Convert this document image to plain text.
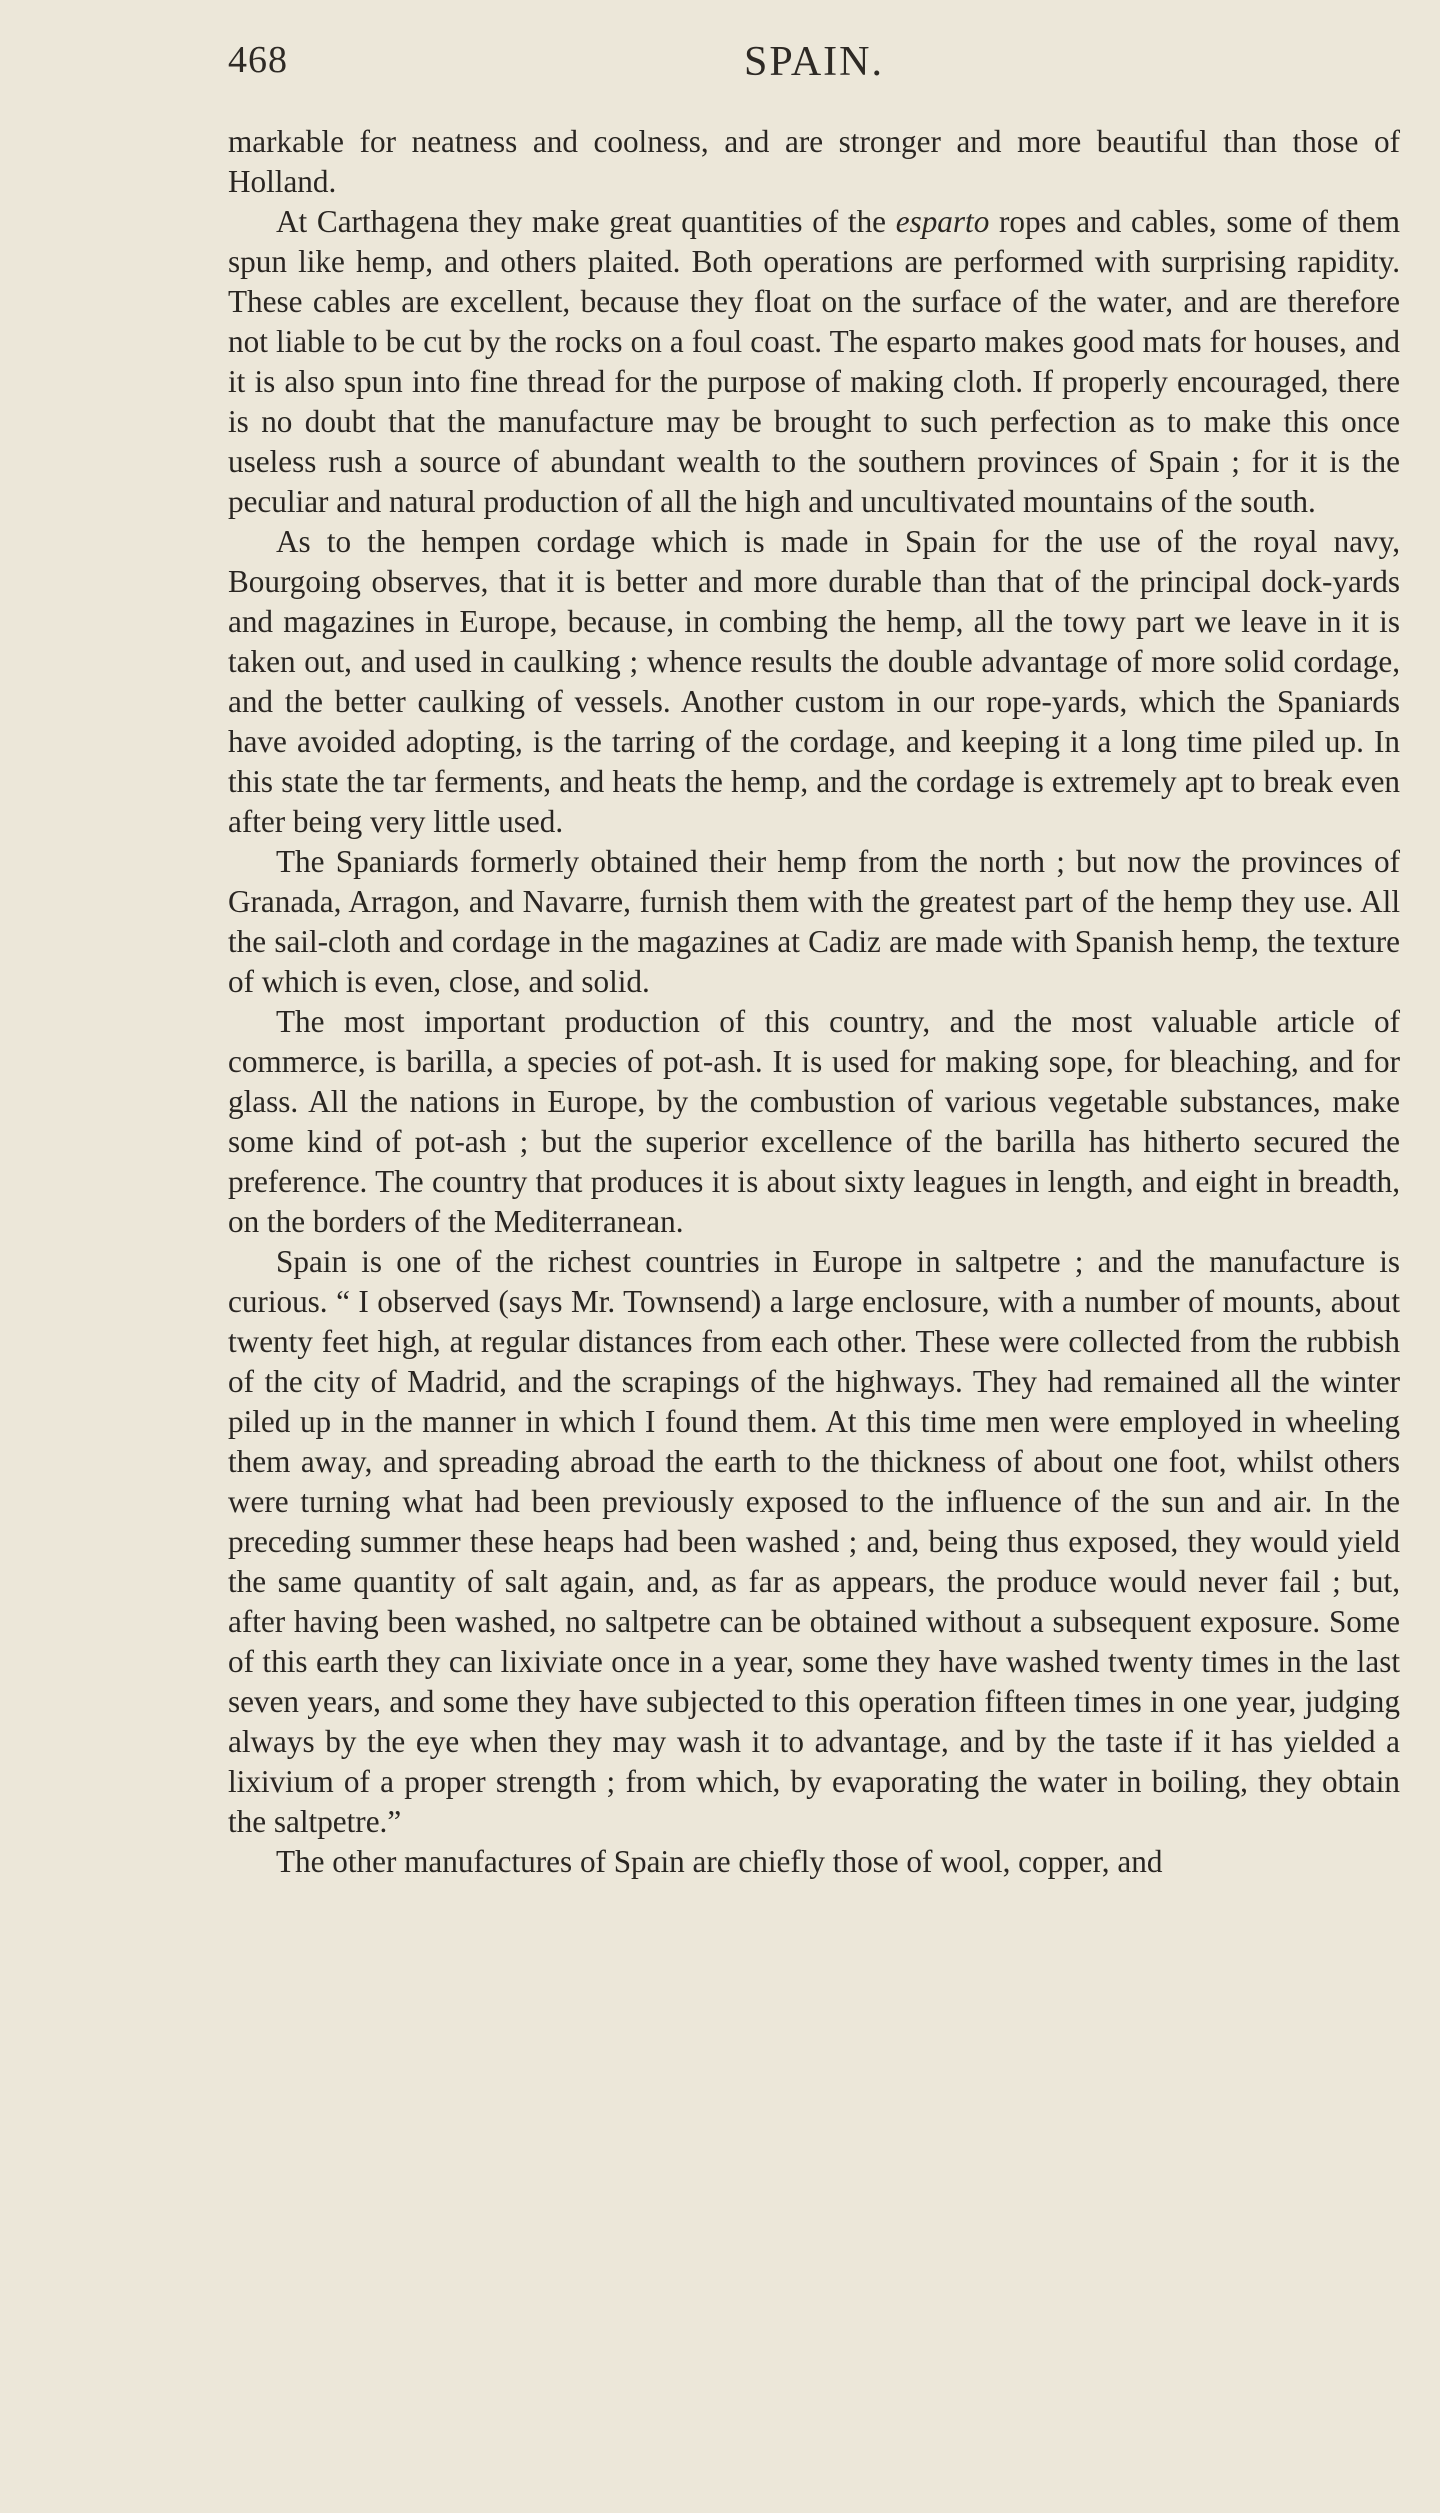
468	SPAIN.

markable for neatness and coolness, and are stronger and more beautiful than those of Holland.

At Carthagena they make great quantities of the esparto ropes and cables, some of them spun like hemp, and others plaited. Both operations are performed with surprising rapidity. These cables are excellent, because they float on the surface of the water, and are therefore not liable to be cut by the rocks on a foul coast. The esparto makes good mats for houses, and it is also spun into fine thread for the purpose of making cloth. If properly encouraged, there is no doubt that the manufacture may be brought to such perfection as to make this once useless rush a source of abundant wealth to the southern provinces of Spain ; for it is the peculiar and natural production of all the high and uncultivated mountains of the south.

As to the hempen cordage which is made in Spain for the use of the royal navy, Bourgoing observes, that it is better and more durable than that of the principal dock-yards and magazines in Europe, because, in combing the hemp, all the towy part we leave in it is taken out, and used in caulking ; whence results the double advantage of more solid cordage, and the better caulking of vessels. Another custom in our rope-yards, which the Spaniards have avoided adopting, is the tarring of the cordage, and keeping it a long time piled up. In this state the tar ferments, and heats the hemp, and the cordage is extremely apt to break even after being very little used.

The Spaniards formerly obtained their hemp from the north ; but now the provinces of Granada, Arragon, and Navarre, furnish them with the greatest part of the hemp they use. All the sail-cloth and cordage in the magazines at Cadiz are made with Spanish hemp, the texture of which is even, close, and solid.

The most important production of this country, and the most valuable article of commerce, is barilla, a species of pot-ash. It is used for making sope, for bleaching, and for glass. All the nations in Europe, by the combustion of various vegetable substances, make some kind of pot-ash ; but the superior excellence of the barilla has hitherto secured the preference. The country that produces it is about sixty leagues in length, and eight in breadth, on the borders of the Mediterranean.

Spain is one of the richest countries in Europe in saltpetre ; and the manufacture is curious. “ I observed (says Mr. Townsend) a large enclosure, with a number of mounts, about twenty feet high, at regular distances from each other. These were collected from the rubbish of the city of Madrid, and the scrapings of the highways. They had remained all the winter piled up in the manner in which I found them. At this time men were employed in wheeling them away, and spreading abroad the earth to the thickness of about one foot, whilst others were turning what had been previously exposed to the influence of the sun and air. In the preceding summer these heaps had been washed ; and, being thus exposed, they would yield the same quantity of salt again, and, as far as appears, the produce would never fail ; but, after having been washed, no saltpetre can be obtained without a subsequent exposure. Some of this earth they can lixiviate once in a year, some they have washed twenty times in the last seven years, and some they have subjected to this operation fifteen times in one year, judging always by the eye when they may wash it to advantage, and by the taste if it has yielded a lixivium of a proper strength ; from which, by evaporating the water in boiling, they obtain the saltpetre.”

The other manufactures of Spain are chiefly those of wool, copper, and
